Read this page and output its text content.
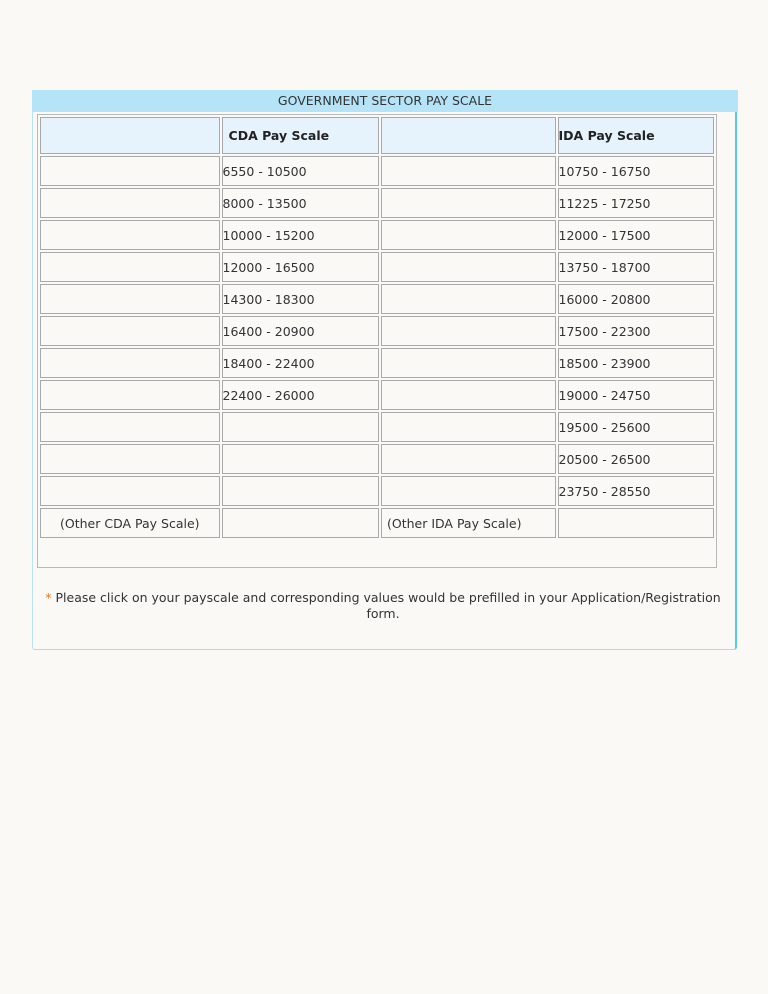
GOVERNMENT SECTOR PAY SCALE
	CDA Pay Scale		IDA Pay Scale
	6550 - 10500		10750 - 16750
	8000 - 13500		11225 - 17250
	10000 - 15200		12000 - 17500
	12000 - 16500		13750 - 18700
	14300 - 18300		16000 - 20800
	16400 - 20900		17500 - 22300
	18400 - 22400		18500 - 23900
	22400 - 26000		19000 - 24750
			19500 - 25600
			20500 - 26500
			23750 - 28550
(Other CDA Pay Scale)		(Other IDA Pay Scale)	
* Please click on your payscale and corresponding values would be prefilled in your Application/Registration form.
